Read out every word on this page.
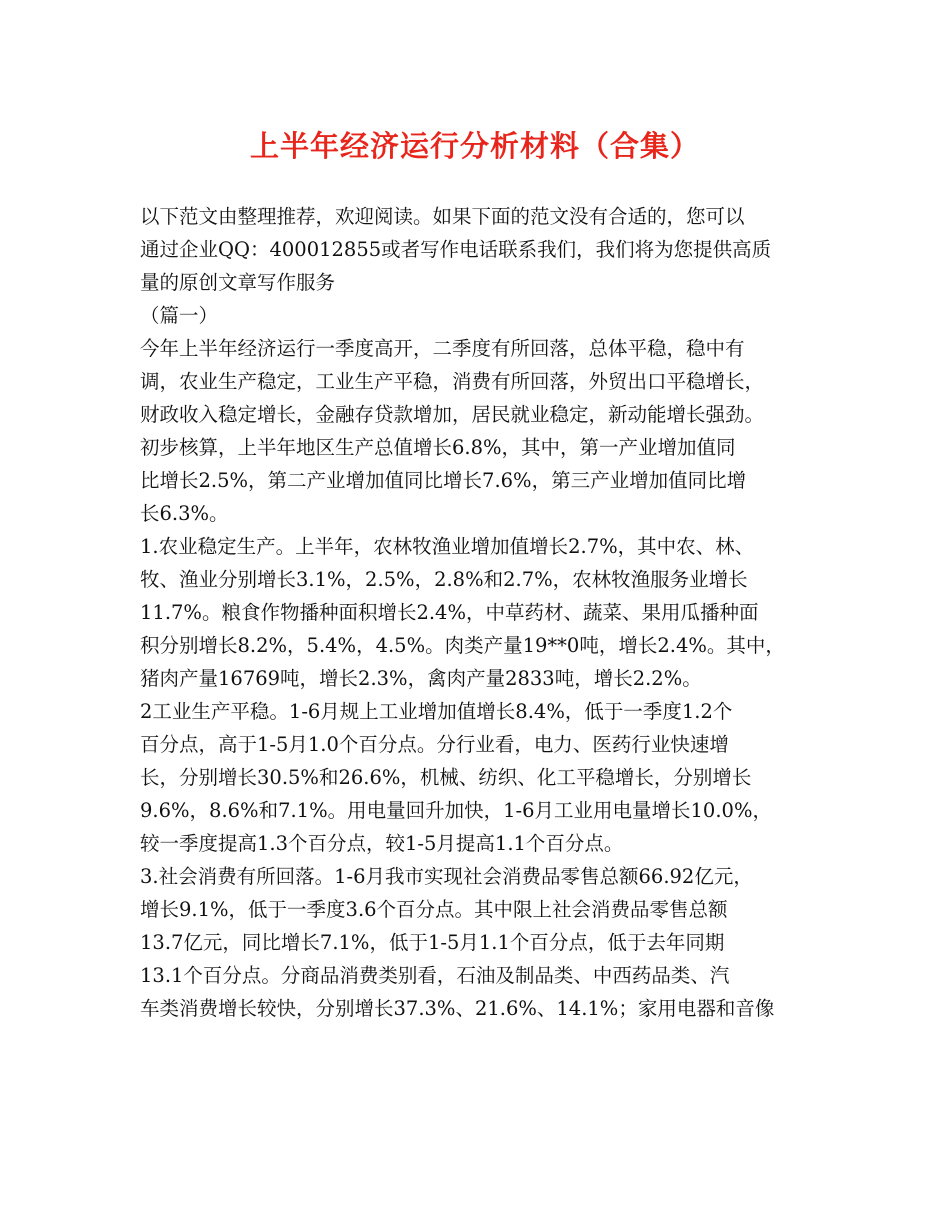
上半年经济运行分析材料（合集）
以下范文由整理推荐，欢迎阅读。如果下面的范文没有合适的，您可以
通过企业QQ：400012855或者写作电话联系我们，我们将为您提供高质
量的原创文章写作服务
（篇一）
今年上半年经济运行一季度高开，二季度有所回落，总体平稳，稳中有
调，农业生产稳定，工业生产平稳，消费有所回落，外贸出口平稳增长，
财政收入稳定增长，金融存贷款增加，居民就业稳定，新动能增长强劲。
初步核算，上半年地区生产总值增长6.8%，其中，第一产业增加值同
比增长2.5%，第二产业增加值同比增长7.6%，第三产业增加值同比增
长6.3%。
1.农业稳定生产。上半年，农林牧渔业增加值增长2.7%，其中农、林、
牧、渔业分别增长3.1%，2.5%，2.8%和2.7%，农林牧渔服务业增长
11.7%。粮食作物播种面积增长2.4%，中草药材、蔬菜、果用瓜播种面
积分别增长8.2%，5.4%，4.5%。肉类产量19**0吨，增长2.4%。其中，
猪肉产量16769吨，增长2.3%，禽肉产量2833吨，增长2.2%。
2工业生产平稳。1-6月规上工业增加值增长8.4%，低于一季度1.2个
百分点，高于1-5月1.0个百分点。分行业看，电力、医药行业快速增
长，分别增长30.5%和26.6%，机械、纺织、化工平稳增长，分别增长
9.6%，8.6%和7.1%。用电量回升加快，1-6月工业用电量增长10.0%，
较一季度提高1.3个百分点，较1-5月提高1.1个百分点。
3.社会消费有所回落。1-6月我市实现社会消费品零售总额66.92亿元，
增长9.1%，低于一季度3.6个百分点。其中限上社会消费品零售总额
13.7亿元，同比增长7.1%，低于1-5月1.1个百分点，低于去年同期
13.1个百分点。分商品消费类别看，石油及制品类、中西药品类、汽
车类消费增长较快，分别增长37.3%、21.6%、14.1%；家用电器和音像
